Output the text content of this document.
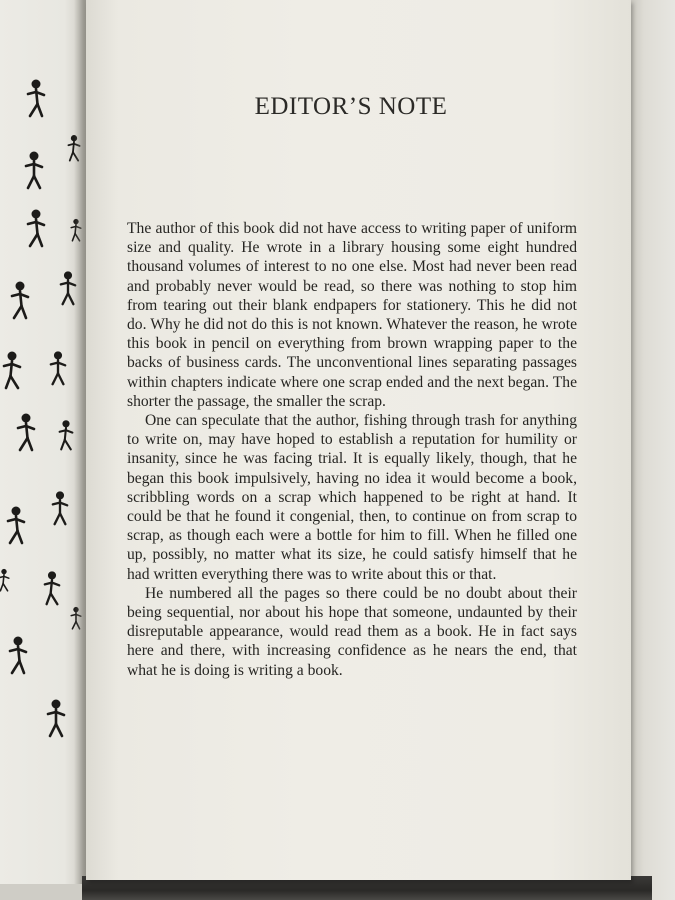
EDITOR’S NOTE

The author of this book did not have access to writing paper of uniform size and quality. He wrote in a library housing some eight hundred thousand volumes of interest to no one else. Most had never been read and probably never would be read, so there was nothing to stop him from tearing out their blank endpapers for stationery. This he did not do. Why he did not do this is not known. Whatever the reason, he wrote this book in pencil on everything from brown wrapping paper to the backs of business cards. The unconventional lines separating passages within chapters indicate where one scrap ended and the next began. The shorter the passage, the smaller the scrap.

One can speculate that the author, fishing through trash for anything to write on, may have hoped to establish a reputation for humility or insanity, since he was facing trial. It is equally likely, though, that he began this book impulsively, having no idea it would become a book, scribbling words on a scrap which happened to be right at hand. It could be that he found it congenial, then, to continue on from scrap to scrap, as though each were a bottle for him to fill. When he filled one up, possibly, no matter what its size, he could satisfy himself that he had written everything there was to write about this or that.

He numbered all the pages so there could be no doubt about their being sequential, nor about his hope that someone, undaunted by their disreputable appearance, would read them as a book. He in fact says here and there, with increasing confidence as he nears the end, that what he is doing is writing a book.
